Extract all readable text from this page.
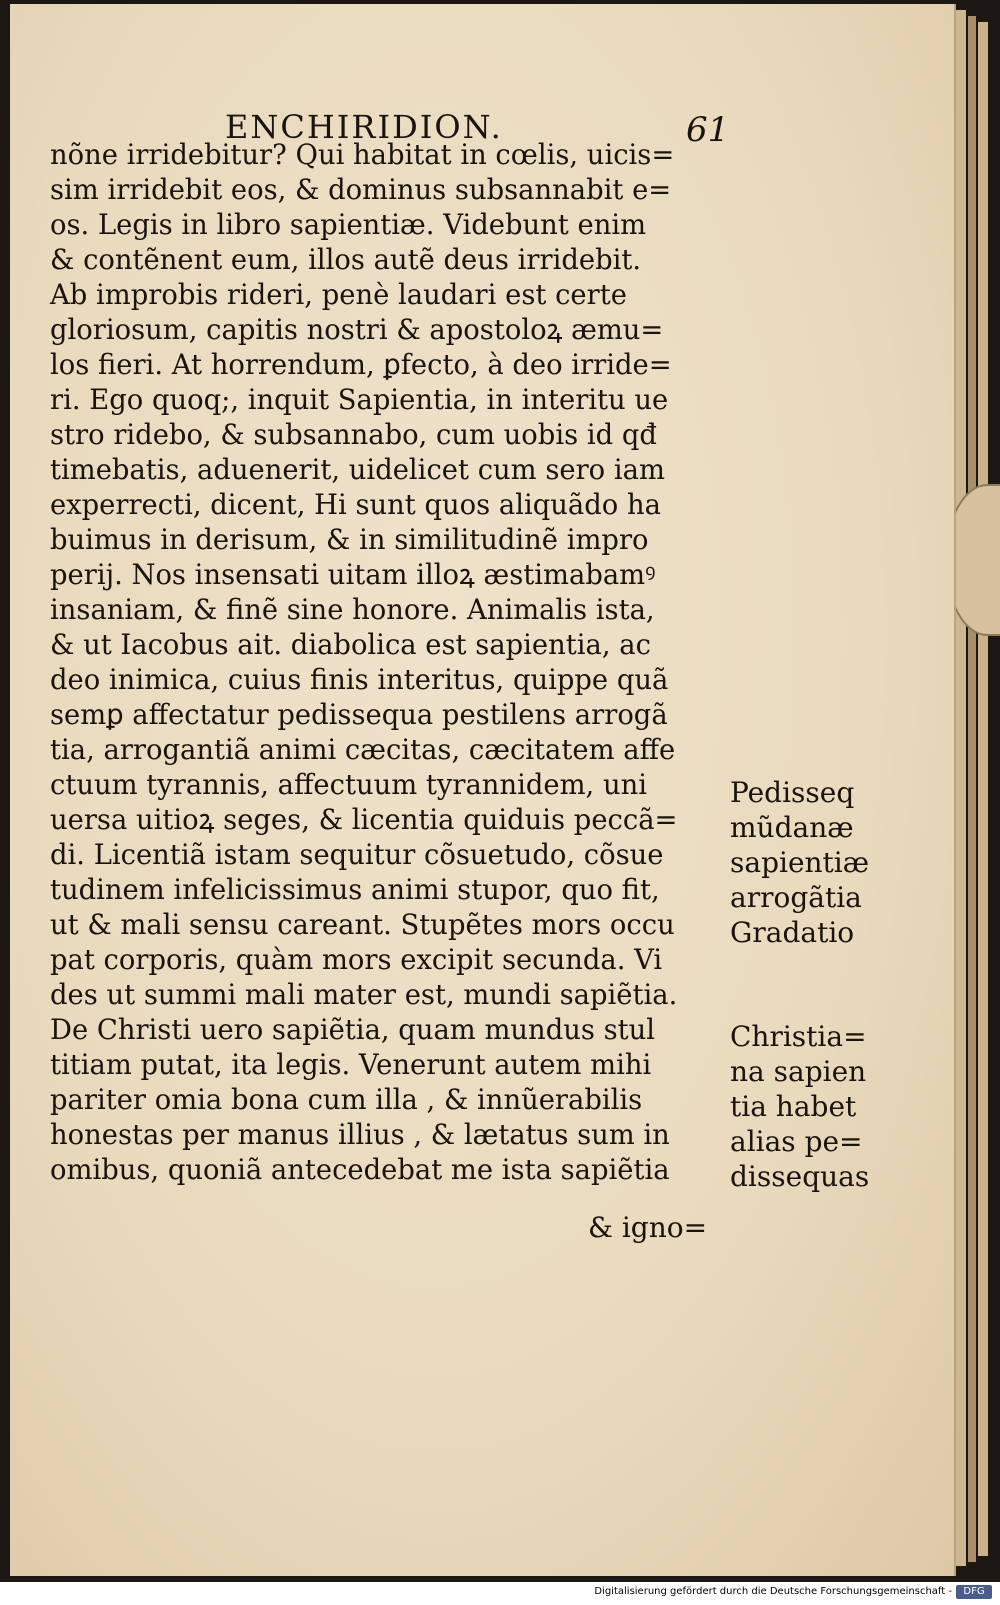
ENCHIRIDION.	61
nõne irridebitur? Qui habitat in cœlis, uicis=
sim irridebit eos, & dominus subsannabit e=
os. Legis in libro sapientiæ. Videbunt enim
& contẽnent eum, illos autẽ deus irridebit.
Ab improbis rideri, penè laudari est certe
gloriosum, capitis nostri & apostoloꝝ æmu=
los fieri. At horrendum, ꝑfecto, à deo irride=
ri. Ego quoq;, inquit Sapientia, in interitu ue
stro ridebo, & subsannabo, cum uobis id qđ
timebatis, aduenerit, uidelicet cum sero iam
experrecti, dicent, Hi sunt quos aliquãdo ha
buimus in derisum, & in similitudinẽ impro
perij. Nos insensati uitam illoꝝ æstimabamꝰ
insaniam, & finẽ sine honore. Animalis ista,
& ut Iacobus ait. diabolica est sapientia, ac
deo inimica, cuius finis interitus, quippe quã
semꝑ affectatur pedissequa pestilens arrogã
tia, arrogantiã animi cæcitas, cæcitatem affe
ctuum tyrannis, affectuum tyrannidem, uni
uersa uitioꝝ seges, & licentia quiduis peccã=
di. Licentiã istam sequitur cõsuetudo, cõsue
tudinem infelicissimus animi stupor, quo fit,
ut & mali sensu careant. Stupẽtes mors occu
pat corporis, quàm mors excipit secunda. Vi
des ut summi mali mater est, mundi sapiẽtia.
De Christi uero sapiẽtia, quam mundus stul
titiam putat, ita legis. Venerunt autem mihi
pariter omia bona cum illa , & innũerabilis
honestas per manus illius , & lætatus sum in
omibus, quoniã antecedebat me ista sapiẽtia
& igno=
Pedisseq
mũdanæ
sapientiæ
arrogãtia
Gradatio
Christia=
na sapien
tia habet
alias pe=
dissequas
Digitalisierung gefördert durch die Deutsche Forschungsgemeinschaft -	DFG
